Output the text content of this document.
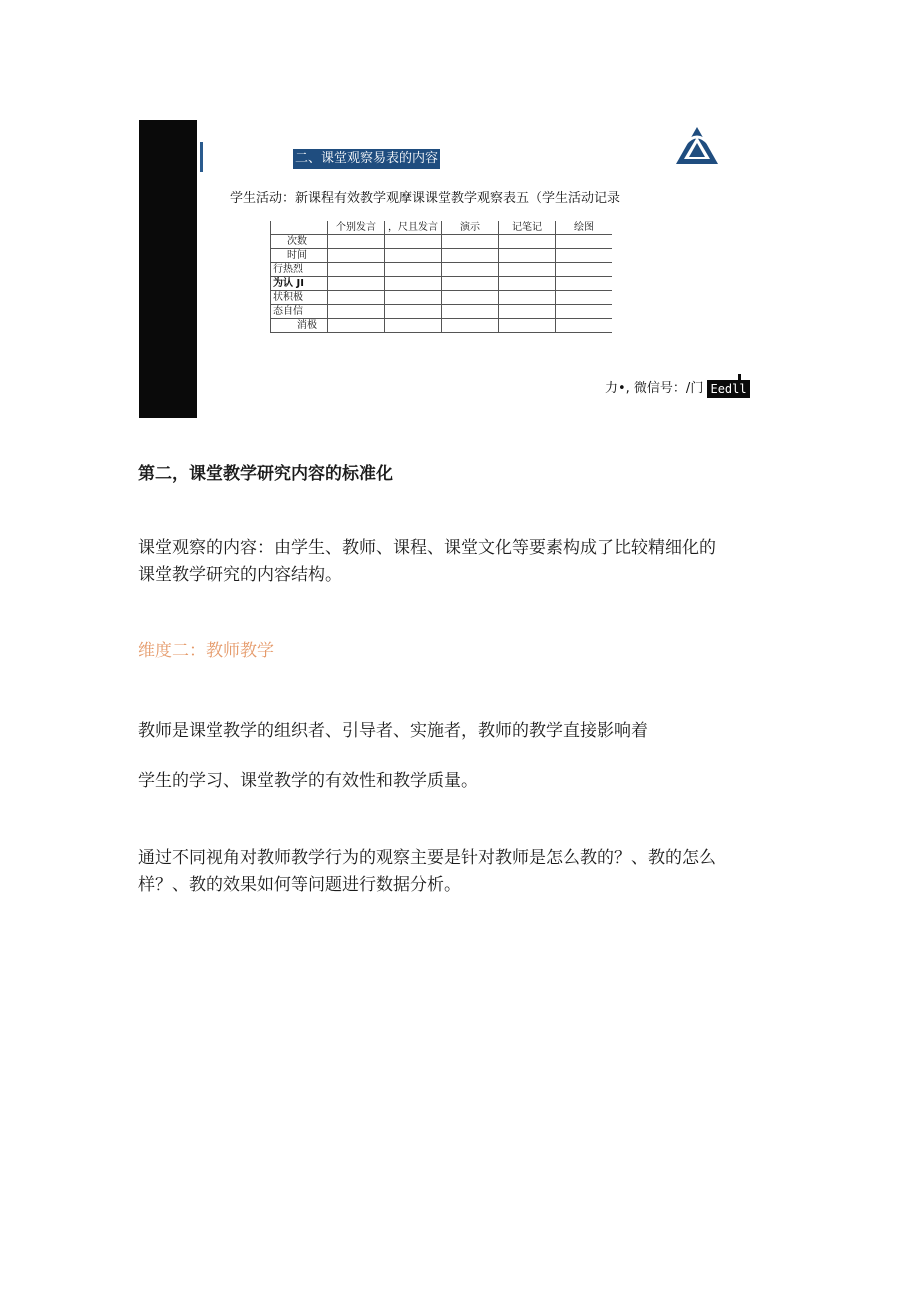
二、课堂观察易表的内容
学生活动：新课程有效教学观摩课课堂教学观察表五（学生活动记录
	个别发言	，尺且发言	演示	记笔记	绘图
次数					
时间					
行热烈					
为认 JI					
状积极					
态自信					
消极					
力•, 微信号：/门 Eedll
第二，课堂教学研究内容的标准化
课堂观察的内容：由学生、教师、课程、课堂文化等要素构成了比较精细化的
课堂教学研究的内容结构。
维度二：教师教学
教师是课堂教学的组织者、引导者、实施者，教师的教学直接影响着
学生的学习、课堂教学的有效性和教学质量。
通过不同视角对教师教学行为的观察主要是针对教师是怎么教的？、教的怎么
样？、教的效果如何等问题进行数据分析。
